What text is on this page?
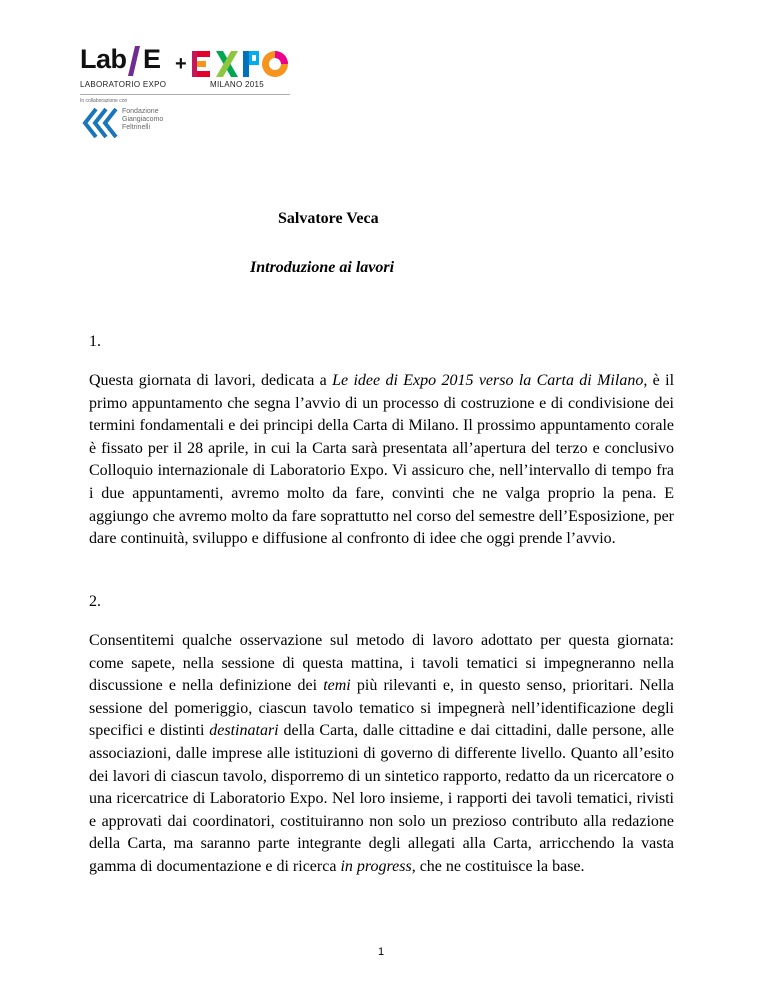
Lab E +
LABORATORIO EXPO	MILANO 2015
In collaborazione con
Fondazione
Giangiacomo
Feltrinelli
Salvatore Veca
Introduzione ai lavori
1.

Questa giornata di lavori, dedicata a Le idee di Expo 2015 verso la Carta di Milano, è il primo appuntamento che segna l’avvio di un processo di costruzione e di condivisione dei termini fondamentali e dei principi della Carta di Milano. Il prossimo appuntamento corale è fissato per il 28 aprile, in cui la Carta sarà presentata all’apertura del terzo e conclusivo Colloquio internazionale di Laboratorio Expo. Vi assicuro che, nell’intervallo di tempo fra i due appuntamenti, avremo molto da fare, convinti che ne valga proprio la pena. E aggiungo che avremo molto da fare soprattutto nel corso del semestre dell’Esposizione, per dare continuità, sviluppo e diffusione al confronto di idee che oggi prende l’avvio.

2.

Consentitemi qualche osservazione sul metodo di lavoro adottato per questa giornata: come sapete, nella sessione di questa mattina, i tavoli tematici si impegneranno nella discussione e nella definizione dei temi più rilevanti e, in questo senso, prioritari. Nella sessione del pomeriggio, ciascun tavolo tematico si impegnerà nell’identificazione degli specifici e distinti destinatari della Carta, dalle cittadine e dai cittadini, dalle persone, alle associazioni, dalle imprese alle istituzioni di governo di differente livello. Quanto all’esito dei lavori di ciascun tavolo, disporremo di un sintetico rapporto, redatto da un ricercatore o una ricercatrice di Laboratorio Expo. Nel loro insieme, i rapporti dei tavoli tematici, rivisti e approvati dai coordinatori, costituiranno non solo un prezioso contributo alla redazione della Carta, ma saranno parte integrante degli allegati alla Carta, arricchendo la vasta gamma di documentazione e di ricerca in progress, che ne costituisce la base.

1
